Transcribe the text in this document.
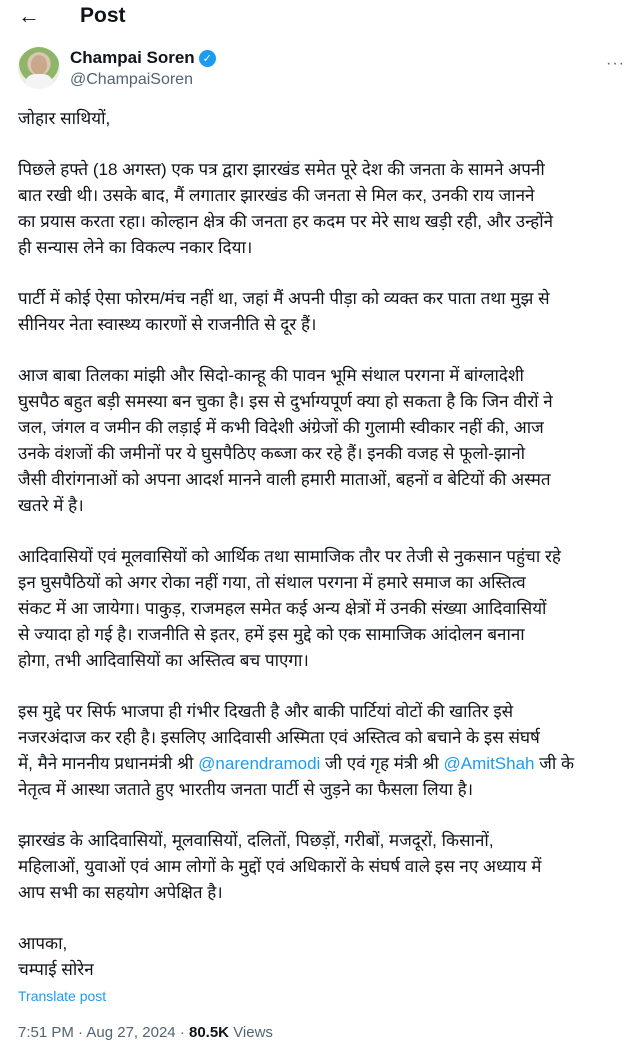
← Post
Champai Soren ✓
@ChampaiSoren
···
जोहार साथियों,
पिछले हफ्ते (18 अगस्त) एक पत्र द्वारा झारखंड समेत पूरे देश की जनता के सामने अपनी
बात रखी थी। उसके बाद, मैं लगातार झारखंड की जनता से मिल कर, उनकी राय जानने
का प्रयास करता रहा। कोल्हान क्षेत्र की जनता हर कदम पर मेरे साथ खड़ी रही, और उन्होंने
ही सन्यास लेने का विकल्प नकार दिया।
पार्टी में कोई ऐसा फोरम/मंच नहीं था, जहां मैं अपनी पीड़ा को व्यक्त कर पाता तथा मुझ से
सीनियर नेता स्वास्थ्य कारणों से राजनीति से दूर हैं।
आज बाबा तिलका मांझी और सिदो-कान्हू की पावन भूमि संथाल परगना में बांग्लादेशी
घुसपैठ बहुत बड़ी समस्या बन चुका है। इस से दुर्भाग्यपूर्ण क्या हो सकता है कि जिन वीरों ने
जल, जंगल व जमीन की लड़ाई में कभी विदेशी अंग्रेजों की गुलामी स्वीकार नहीं की, आज
उनके वंशजों की जमीनों पर ये घुसपैठिए कब्जा कर रहे हैं। इनकी वजह से फूलो-झानो
जैसी वीरांगनाओं को अपना आदर्श मानने वाली हमारी माताओं, बहनों व बेटियों की अस्मत
खतरे में है।
आदिवासियों एवं मूलवासियों को आर्थिक तथा सामाजिक तौर पर तेजी से नुकसान पहुंचा रहे
इन घुसपैठियों को अगर रोका नहीं गया, तो संथाल परगना में हमारे समाज का अस्तित्व
संकट में आ जायेगा। पाकुड़, राजमहल समेत कई अन्य क्षेत्रों में उनकी संख्या आदिवासियों
से ज्यादा हो गई है। राजनीति से इतर, हमें इस मुद्दे को एक सामाजिक आंदोलन बनाना
होगा, तभी आदिवासियों का अस्तित्व बच पाएगा।
इस मुद्दे पर सिर्फ भाजपा ही गंभीर दिखती है और बाकी पार्टियां वोटों की खातिर इसे
नजरअंदाज कर रही है। इसलिए आदिवासी अस्मिता एवं अस्तित्व को बचाने के इस संघर्ष
में, मैने माननीय प्रधानमंत्री श्री @narendramodi जी एवं गृह मंत्री श्री @AmitShah जी के
नेतृत्व में आस्था जताते हुए भारतीय जनता पार्टी से जुड़ने का फैसला लिया है।
झारखंड के आदिवासियों, मूलवासियों, दलितों, पिछड़ों, गरीबों, मजदूरों, किसानों,
महिलाओं, युवाओं एवं आम लोगों के मुद्दों एवं अधिकारों के संघर्ष वाले इस नए अध्याय में
आप सभी का सहयोग अपेक्षित है।
आपका,
चम्पाई सोरेन
Translate post
7:51 PM · Aug 27, 2024 · 80.5K Views
